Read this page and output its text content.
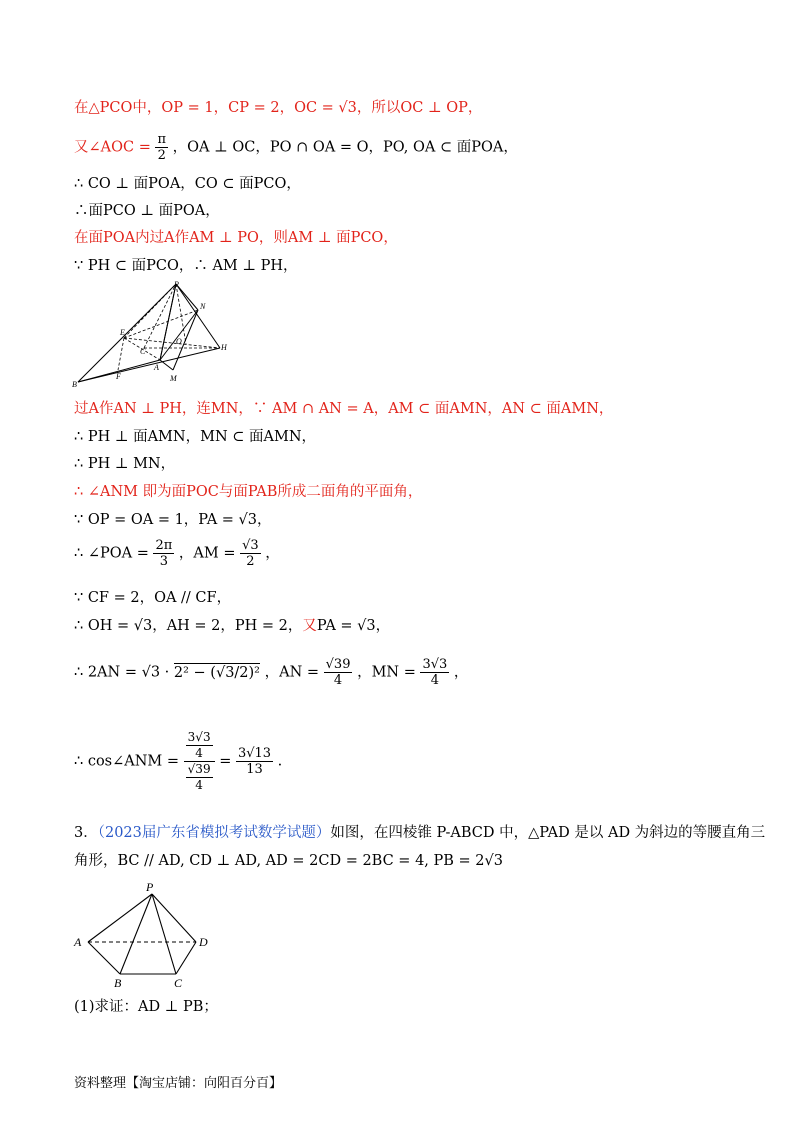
在△PCO中，OP = 1，CP = 2，OC = √3，所以OC ⊥ OP，
又∠AOC = $\frac{\pi}{2}$ ，OA ⊥ OC，PO ∩ OA = O，PO, OA ⊂ 面POA，
∴ CO ⊥ 面POA，CO ⊂ 面PCO，
∴面PCO ⊥ 面POA，
在面POA内过A作AM ⊥ PO，则AM ⊥ 面PCO，
∵ PH ⊂ 面PCO，∴ AM ⊥ PH，
P
N
E
C
O
H
B
F
A
M
过A作AN ⊥ PH，连MN，∵ AM ∩ AN = A，AM ⊂ 面AMN，AN ⊂ 面AMN，
∴ PH ⊥ 面AMN，MN ⊂ 面AMN，
∴ PH ⊥ MN，
∴ ∠ANM 即为面POC与面PAB所成二面角的平面角，
∵ OP = OA = 1，PA = √3，
∴ ∠POA = $\frac{2\pi}{3}$ ，AM = $\frac{√3}{2}$ ，
∵ CF = 2，OA // CF，
∴ OH = √3，AH = 2，PH = 2，又PA = √3，
∴ 2AN = √3 · 2² − (√3/2)² ，AN = $\frac{√39}{4}$ ，MN = $\frac{3√3}{4}$ ，
∴ cos∠ANM = $\frac{\frac{3√3}{4}}{\frac{√39}{4}} = \frac{3√13}{13}$ .
3．（2023届广东省模拟考试数学试题）如图，在四棱锥 P-ABCD 中，△PAD 是以 AD 为斜边的等腰直角三
角形，BC // AD, CD ⊥ AD, AD = 2CD = 2BC = 4, PB = 2√3
P
A	D
B	C
(1)求证：AD ⊥ PB；
资料整理【淘宝店铺：向阳百分百】
